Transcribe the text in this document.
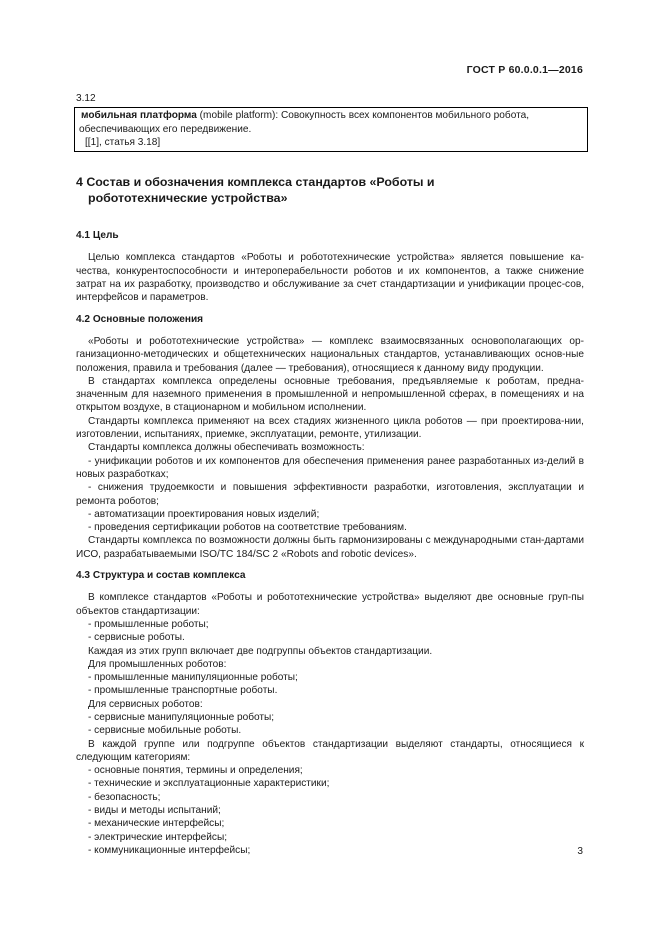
ГОСТ Р 60.0.0.1—2016
3.12

мобильная платформа (mobile platform): Совокупность всех компонентов мобильного робота,

обеспечивающих его передвижение.

[[1], статья 3.18]

4 Состав и обозначения комплекса стандартов «Роботы и
робототехнические устройства»
4.1 Цель

Целью комплекса стандартов «Роботы и робототехнические устройства» является повышение ка-чества, конкурентоспособности и интероперабельности роботов и их компонентов, а также снижение затрат на их разработку, производство и обслуживание за счет стандартизации и унификации процес-сов, интерфейсов и параметров.

4.2 Основные положения

«Роботы и робототехнические устройства» — комплекс взаимосвязанных основополагающих ор-ганизационно-методических и общетехнических национальных стандартов, устанавливающих основ-ные положения, правила и требования (далее — требования), относящиеся к данному виду продукции.

В стандартах комплекса определены основные требования, предъявляемые к роботам, предна-значенным для наземного применения в промышленной и непромышленной сферах, в помещениях и на открытом воздухе, в стационарном и мобильном исполнении.

Стандарты комплекса применяют на всех стадиях жизненного цикла роботов — при проектирова-нии, изготовлении, испытаниях, приемке, эксплуатации, ремонте, утилизации.

Стандарты комплекса должны обеспечивать возможность:

- унификации роботов и их компонентов для обеспечения применения ранее разработанных из-делий в новых разработках;

- снижения трудоемкости и повышения эффективности разработки, изготовления, эксплуатации и ремонта роботов;

- автоматизации проектирования новых изделий;

- проведения сертификации роботов на соответствие требованиям.

Стандарты комплекса по возможности должны быть гармонизированы с международными стан-дартами ИСО, разрабатываемыми ISO/TC 184/SC 2 «Robots and robotic devices».

4.3 Структура и состав комплекса

В комплексе стандартов «Роботы и робототехнические устройства» выделяют две основные груп-пы объектов стандартизации:

- промышленные роботы;

- сервисные роботы.

Каждая из этих групп включает две подгруппы объектов стандартизации.

Для промышленных роботов:

- промышленные манипуляционные роботы;

- промышленные транспортные роботы.

Для сервисных роботов:

- сервисные манипуляционные роботы;

- сервисные мобильные роботы.

В каждой группе или подгруппе объектов стандартизации выделяют стандарты, относящиеся к следующим категориям:

- основные понятия, термины и определения;

- технические и эксплуатационные характеристики;

- безопасность;

- виды и методы испытаний;

- механические интерфейсы;

- электрические интерфейсы;

- коммуникационные интерфейсы;	3
